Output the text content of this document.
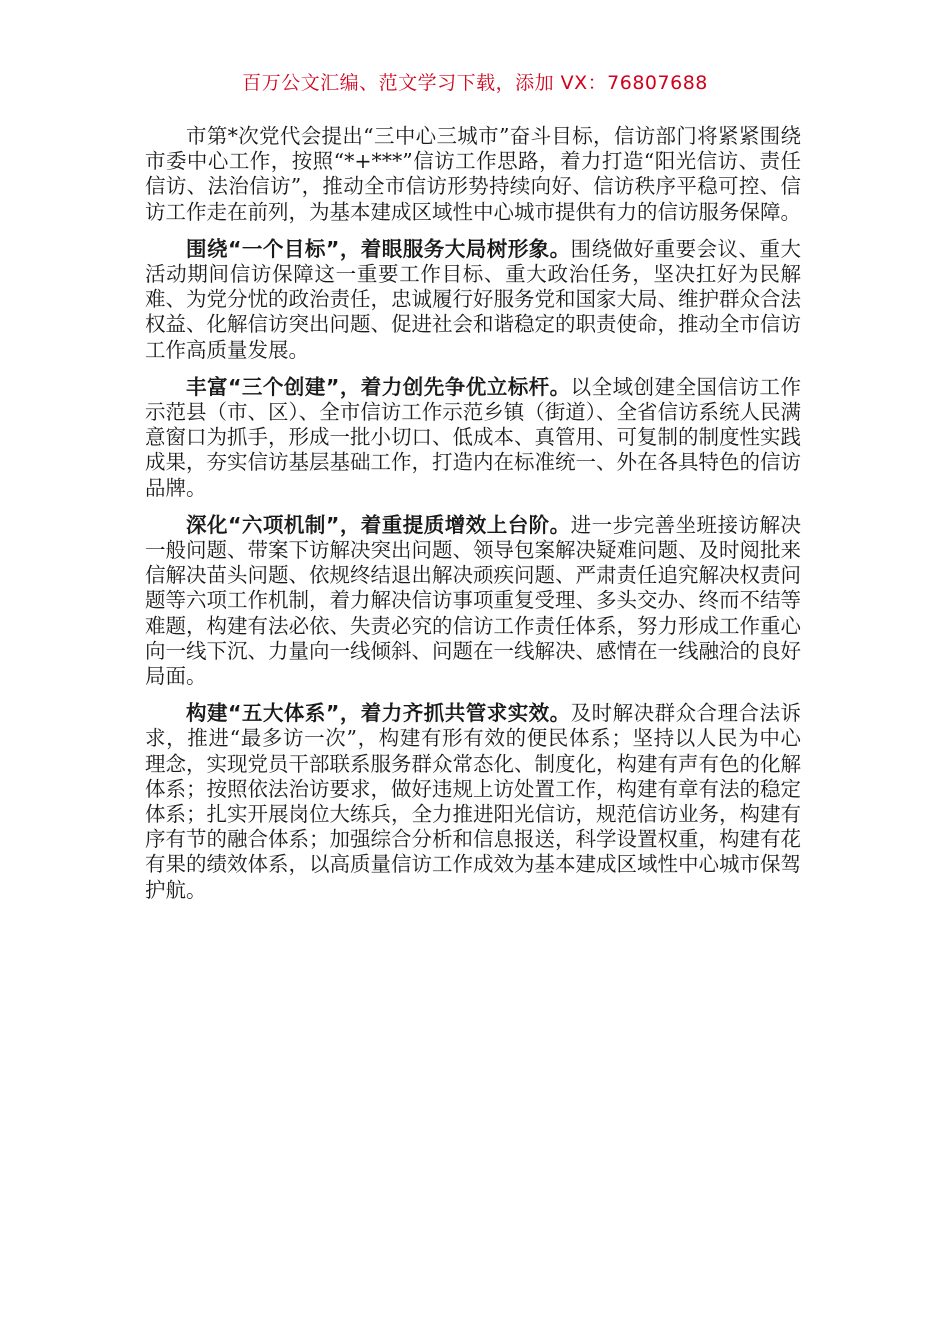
百万公文汇编、范文学习下载，添加 VX：76807688

市第*次党代会提出“三中心三城市”奋斗目标，信访部门将紧紧围绕市委中心工作，按照“*+***”信访工作思路，着力打造“阳光信访、责任信访、法治信访”，推动全市信访形势持续向好、信访秩序平稳可控、信访工作走在前列，为基本建成区域性中心城市提供有力的信访服务保障。

围绕“一个目标”，着眼服务大局树形象。围绕做好重要会议、重大活动期间信访保障这一重要工作目标、重大政治任务，坚决扛好为民解难、为党分忧的政治责任，忠诚履行好服务党和国家大局、维护群众合法权益、化解信访突出问题、促进社会和谐稳定的职责使命，推动全市信访工作高质量发展。

丰富“三个创建”，着力创先争优立标杆。以全域创建全国信访工作示范县（市、区）、全市信访工作示范乡镇（街道）、全省信访系统人民满意窗口为抓手，形成一批小切口、低成本、真管用、可复制的制度性实践成果，夯实信访基层基础工作，打造内在标准统一、外在各具特色的信访品牌。

深化“六项机制”，着重提质增效上台阶。进一步完善坐班接访解决一般问题、带案下访解决突出问题、领导包案解决疑难问题、及时阅批来信解决苗头问题、依规终结退出解决顽疾问题、严肃责任追究解决权责问题等六项工作机制，着力解决信访事项重复受理、多头交办、终而不结等难题，构建有法必依、失责必究的信访工作责任体系，努力形成工作重心向一线下沉、力量向一线倾斜、问题在一线解决、感情在一线融洽的良好局面。

构建“五大体系”，着力齐抓共管求实效。及时解决群众合理合法诉求，推进“最多访一次”，构建有形有效的便民体系；坚持以人民为中心理念，实现党员干部联系服务群众常态化、制度化，构建有声有色的化解体系；按照依法治访要求，做好违规上访处置工作，构建有章有法的稳定体系；扎实开展岗位大练兵，全力推进阳光信访，规范信访业务，构建有序有节的融合体系；加强综合分析和信息报送，科学设置权重，构建有花有果的绩效体系，以高质量信访工作成效为基本建成区域性中心城市保驾护航。
